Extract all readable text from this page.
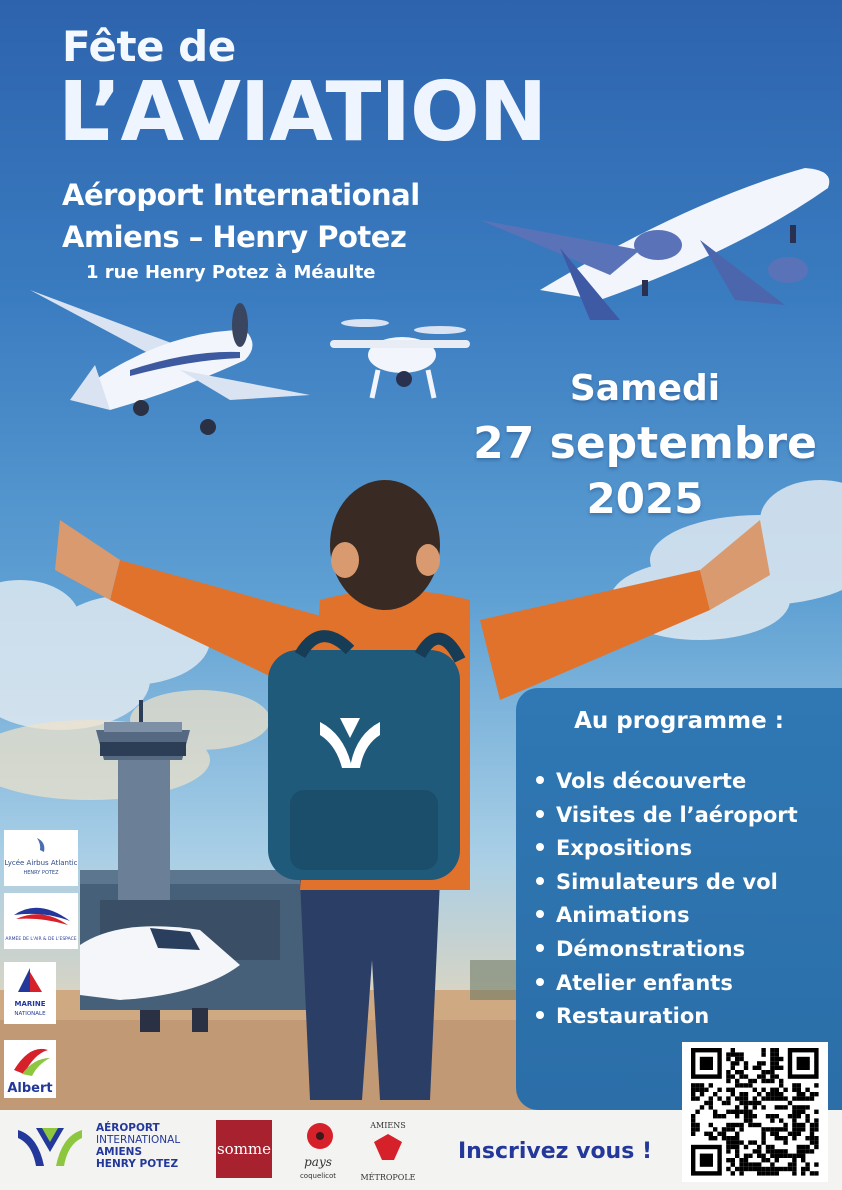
Fête de
L’AVIATION
Aéroport International
Amiens – Henry Potez
1 rue Henry Potez à Méaulte
Samedi
27 septembre
2025
Au programme :
Vols découverte
Visites de l’aéroport
Expositions
Simulateurs de vol
Animations
Démonstrations
Atelier enfants
Restauration
Lycée Airbus Atlantic
HENRY POTEZ
ARMÉE DE L'AIR & DE L'ESPACE
MARINE
NATIONALE
Albert
AÉROPORT
INTERNATIONAL
AMIENS
HENRY POTEZ
somme
pays
coquelicot
AMIENS
MÉTROPOLE
Inscrivez vous !
